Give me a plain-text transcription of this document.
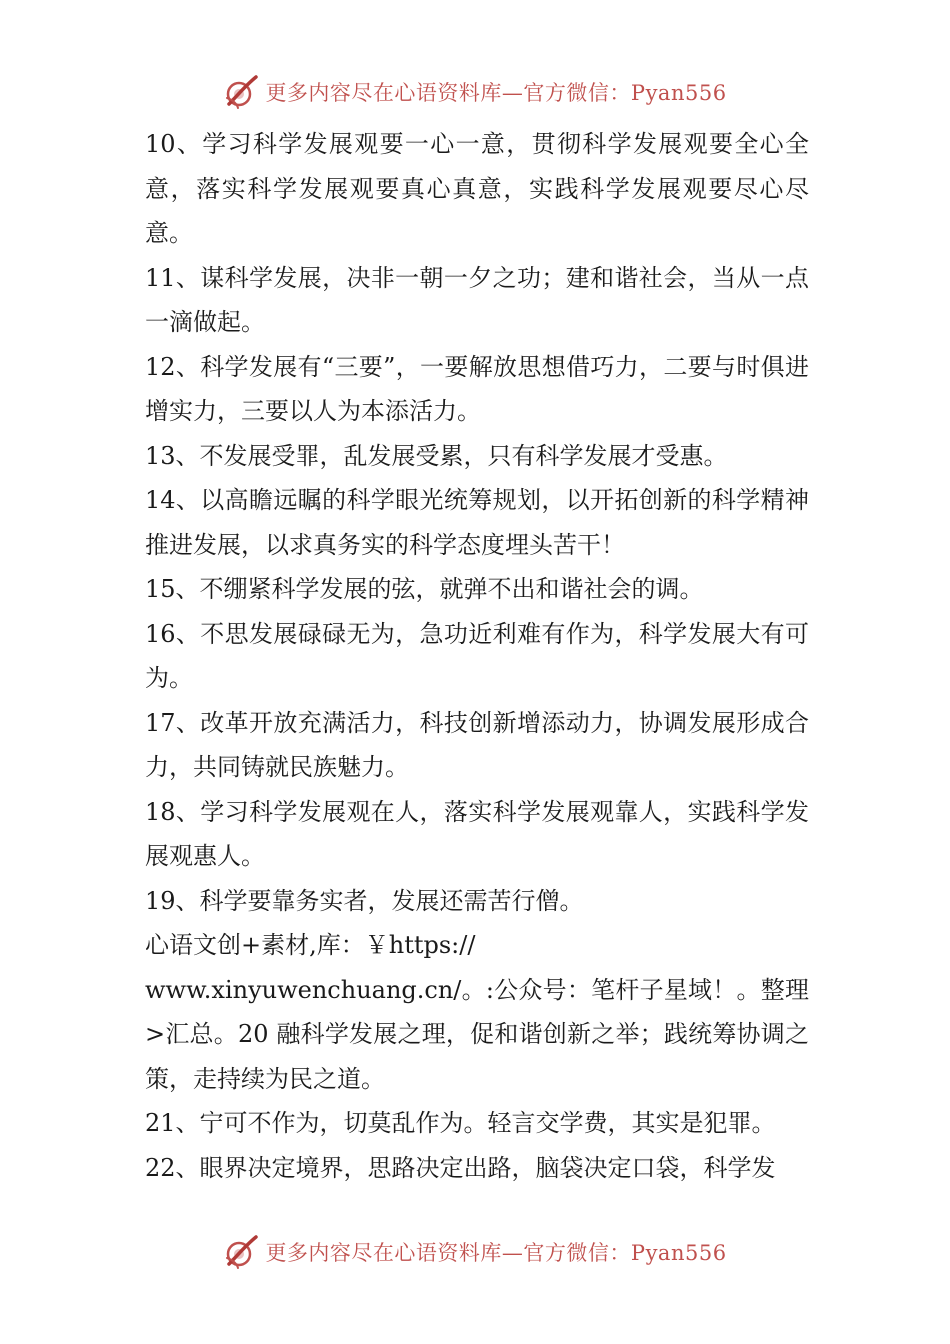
更多内容尽在心语资料库—官方微信：Pyan556

10、学习科学发展观要一心一意，贯彻科学发展观要全心全意，落实科学发展观要真心真意，实践科学发展观要尽心尽意。

11、谋科学发展，决非一朝一夕之功；建和谐社会，当从一点一滴做起。

12、科学发展有“三要”，一要解放思想借巧力，二要与时俱进增实力，三要以人为本添活力。

13、不发展受罪，乱发展受累，只有科学发展才受惠。

14、以高瞻远瞩的科学眼光统筹规划，以开拓创新的科学精神推进发展，以求真务实的科学态度埋头苦干！

15、不绷紧科学发展的弦，就弹不出和谐社会的调。

16、不思发展碌碌无为，急功近利难有作为，科学发展大有可为。

17、改革开放充满活力，科技创新增添动力，协调发展形成合力，共同铸就民族魅力。

18、学习科学发展观在人，落实科学发展观靠人，实践科学发展观惠人。

19、科学要靠务实者，发展还需苦行僧。

心语文创+素材,库：￥https://

www.xinyuwenchuang.cn/。:公众号：笔杆子星域！。整理>汇总。20 融科学发展之理，促和谐创新之举；践统筹协调之策，走持续为民之道。

21、宁可不作为，切莫乱作为。轻言交学费，其实是犯罪。

22、眼界决定境界，思路决定出路，脑袋决定口袋，科学发

更多内容尽在心语资料库—官方微信：Pyan556
